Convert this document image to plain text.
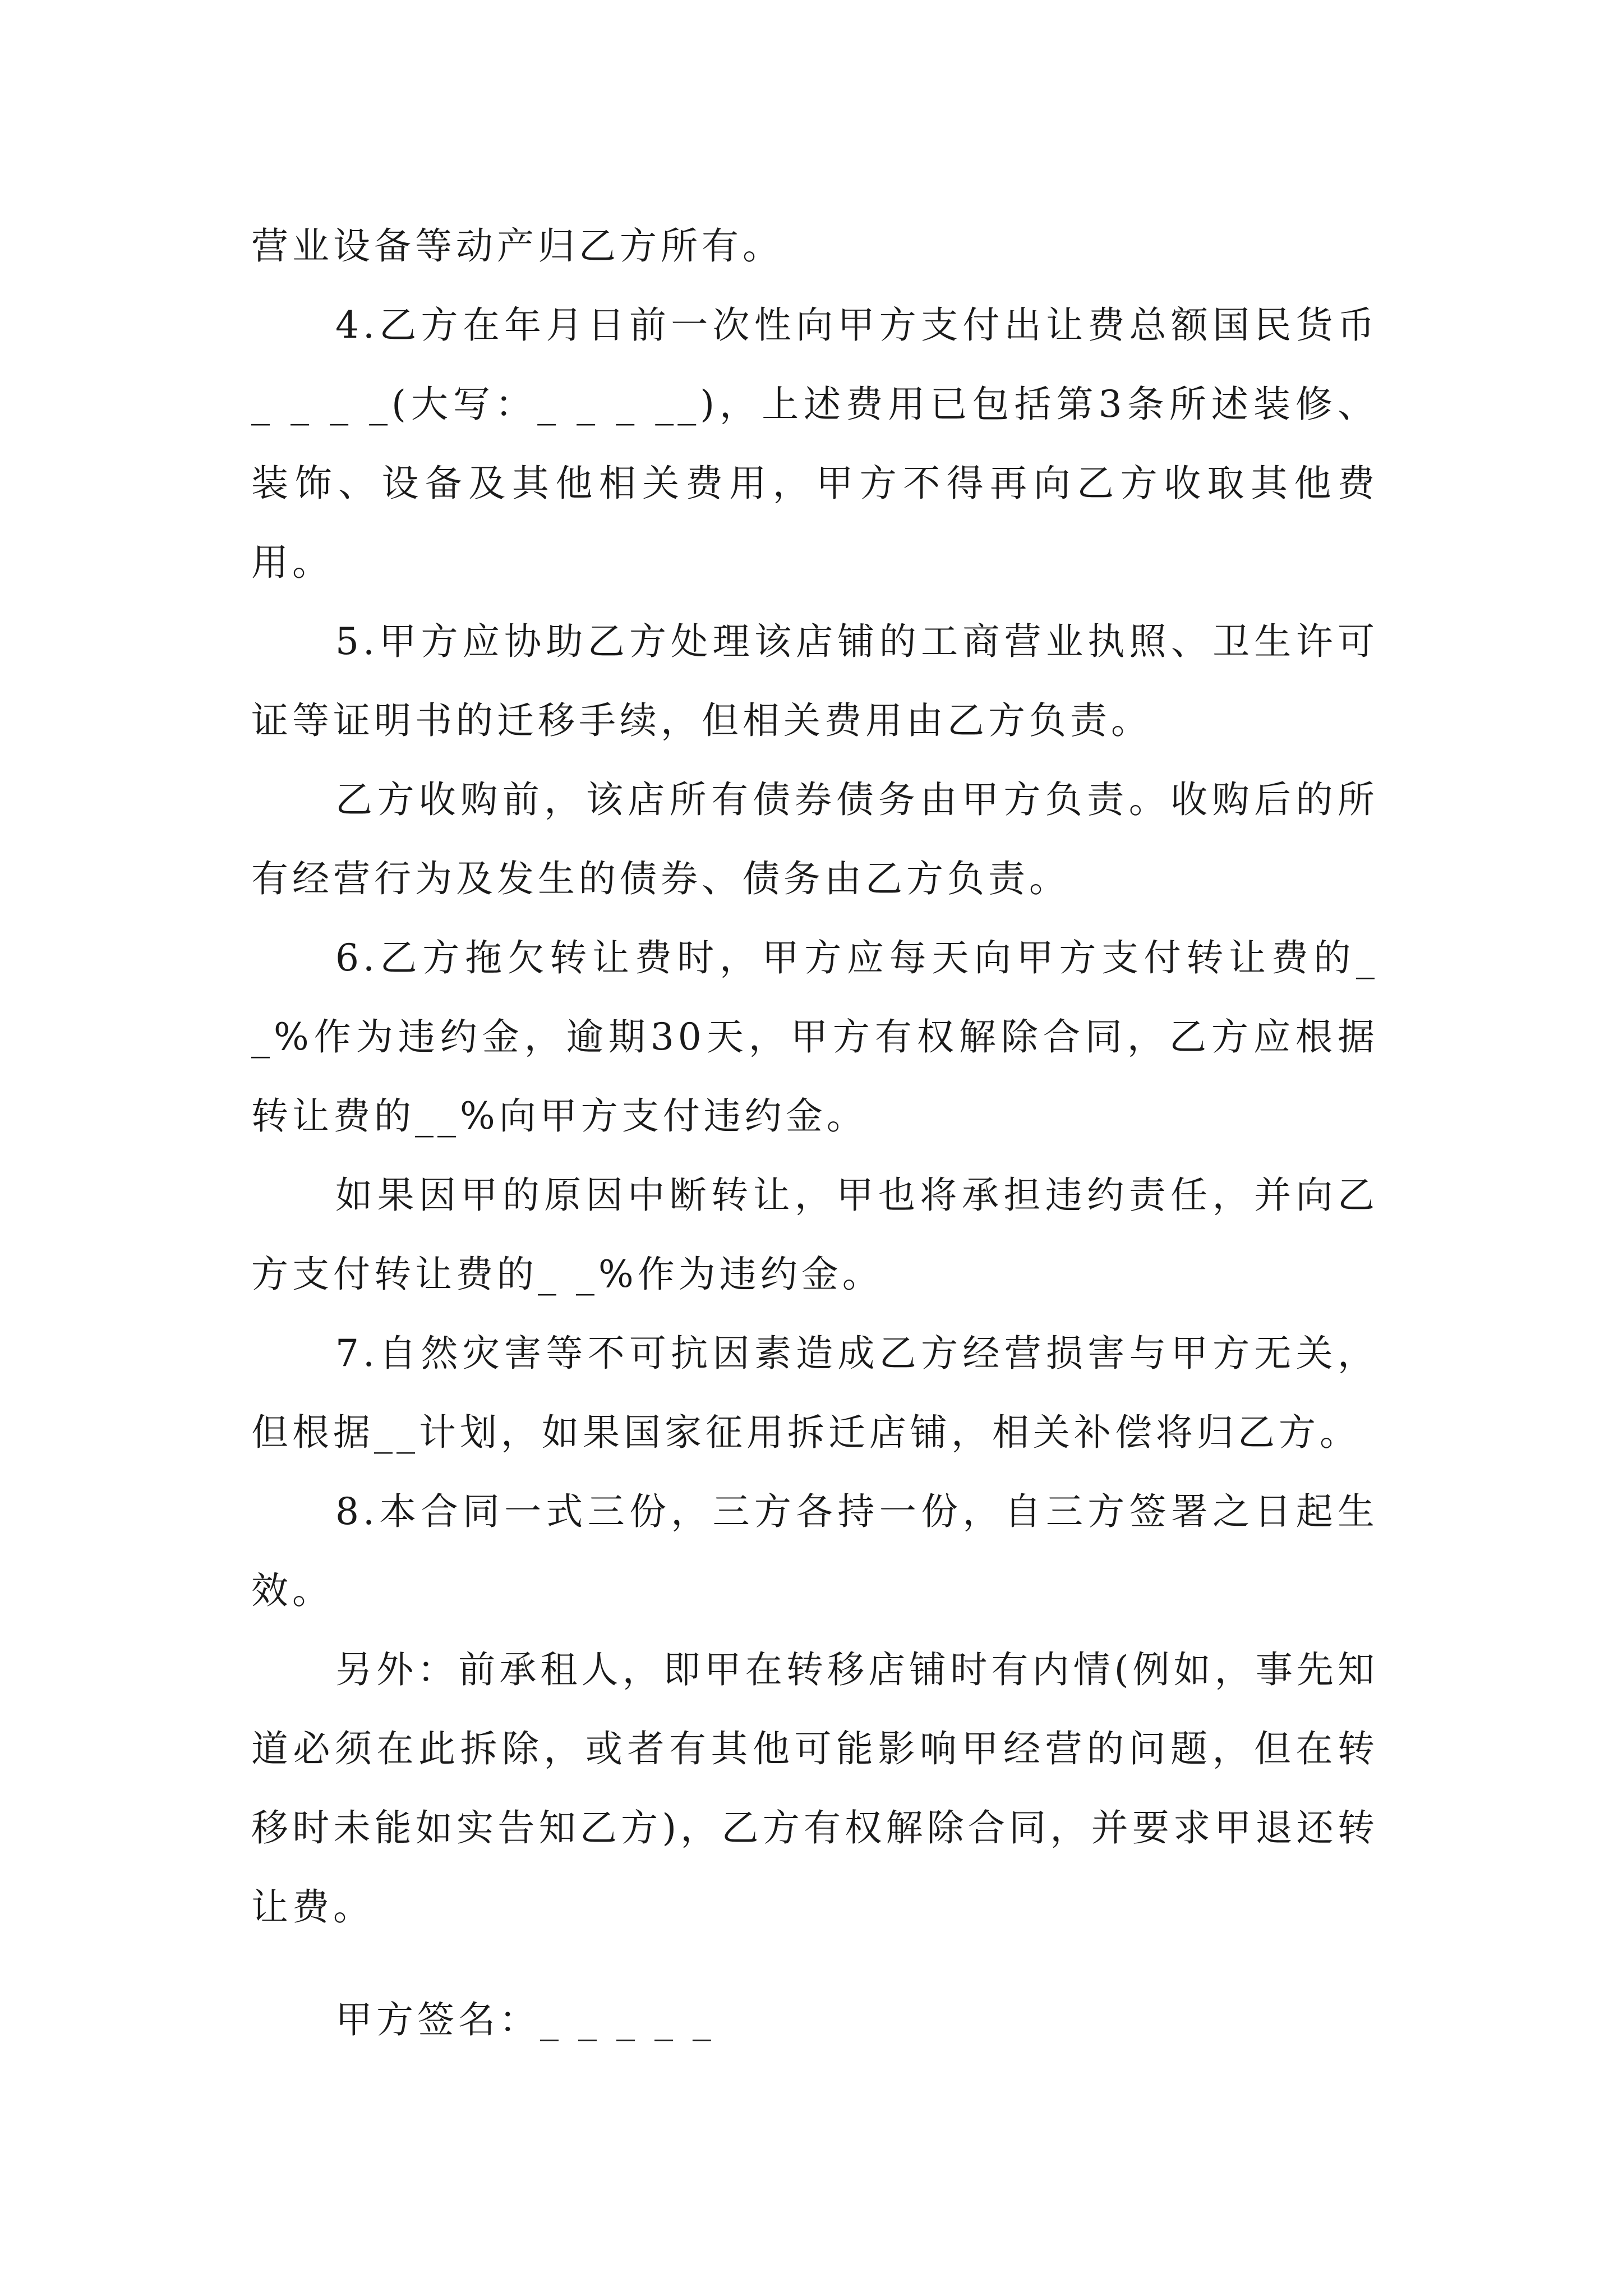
营业设备等动产归乙方所有。

4.乙方在年月日前一次性向甲方支付出让费总额国民货币_ _ _ _(大写：_ _ _ __)，上述费用已包括第3条所述装修、装饰、设备及其他相关费用，甲方不得再向乙方收取其他费用。

5.甲方应协助乙方处理该店铺的工商营业执照、卫生许可证等证明书的迁移手续，但相关费用由乙方负责。

乙方收购前，该店所有债券债务由甲方负责。收购后的所有经营行为及发生的债券、债务由乙方负责。

6.乙方拖欠转让费时，甲方应每天向甲方支付转让费的_ _%作为违约金，逾期30天，甲方有权解除合同，乙方应根据转让费的__%向甲方支付违约金。

如果因甲的原因中断转让，甲也将承担违约责任，并向乙方支付转让费的_ _%作为违约金。

7.自然灾害等不可抗因素造成乙方经营损害与甲方无关，但根据__计划，如果国家征用拆迁店铺，相关补偿将归乙方。

8.本合同一式三份，三方各持一份，自三方签署之日起生效。

另外：前承租人，即甲在转移店铺时有内情(例如，事先知道必须在此拆除，或者有其他可能影响甲经营的问题，但在转移时未能如实告知乙方)，乙方有权解除合同，并要求甲退还转让费。

甲方签名：_ _ _ _ _
